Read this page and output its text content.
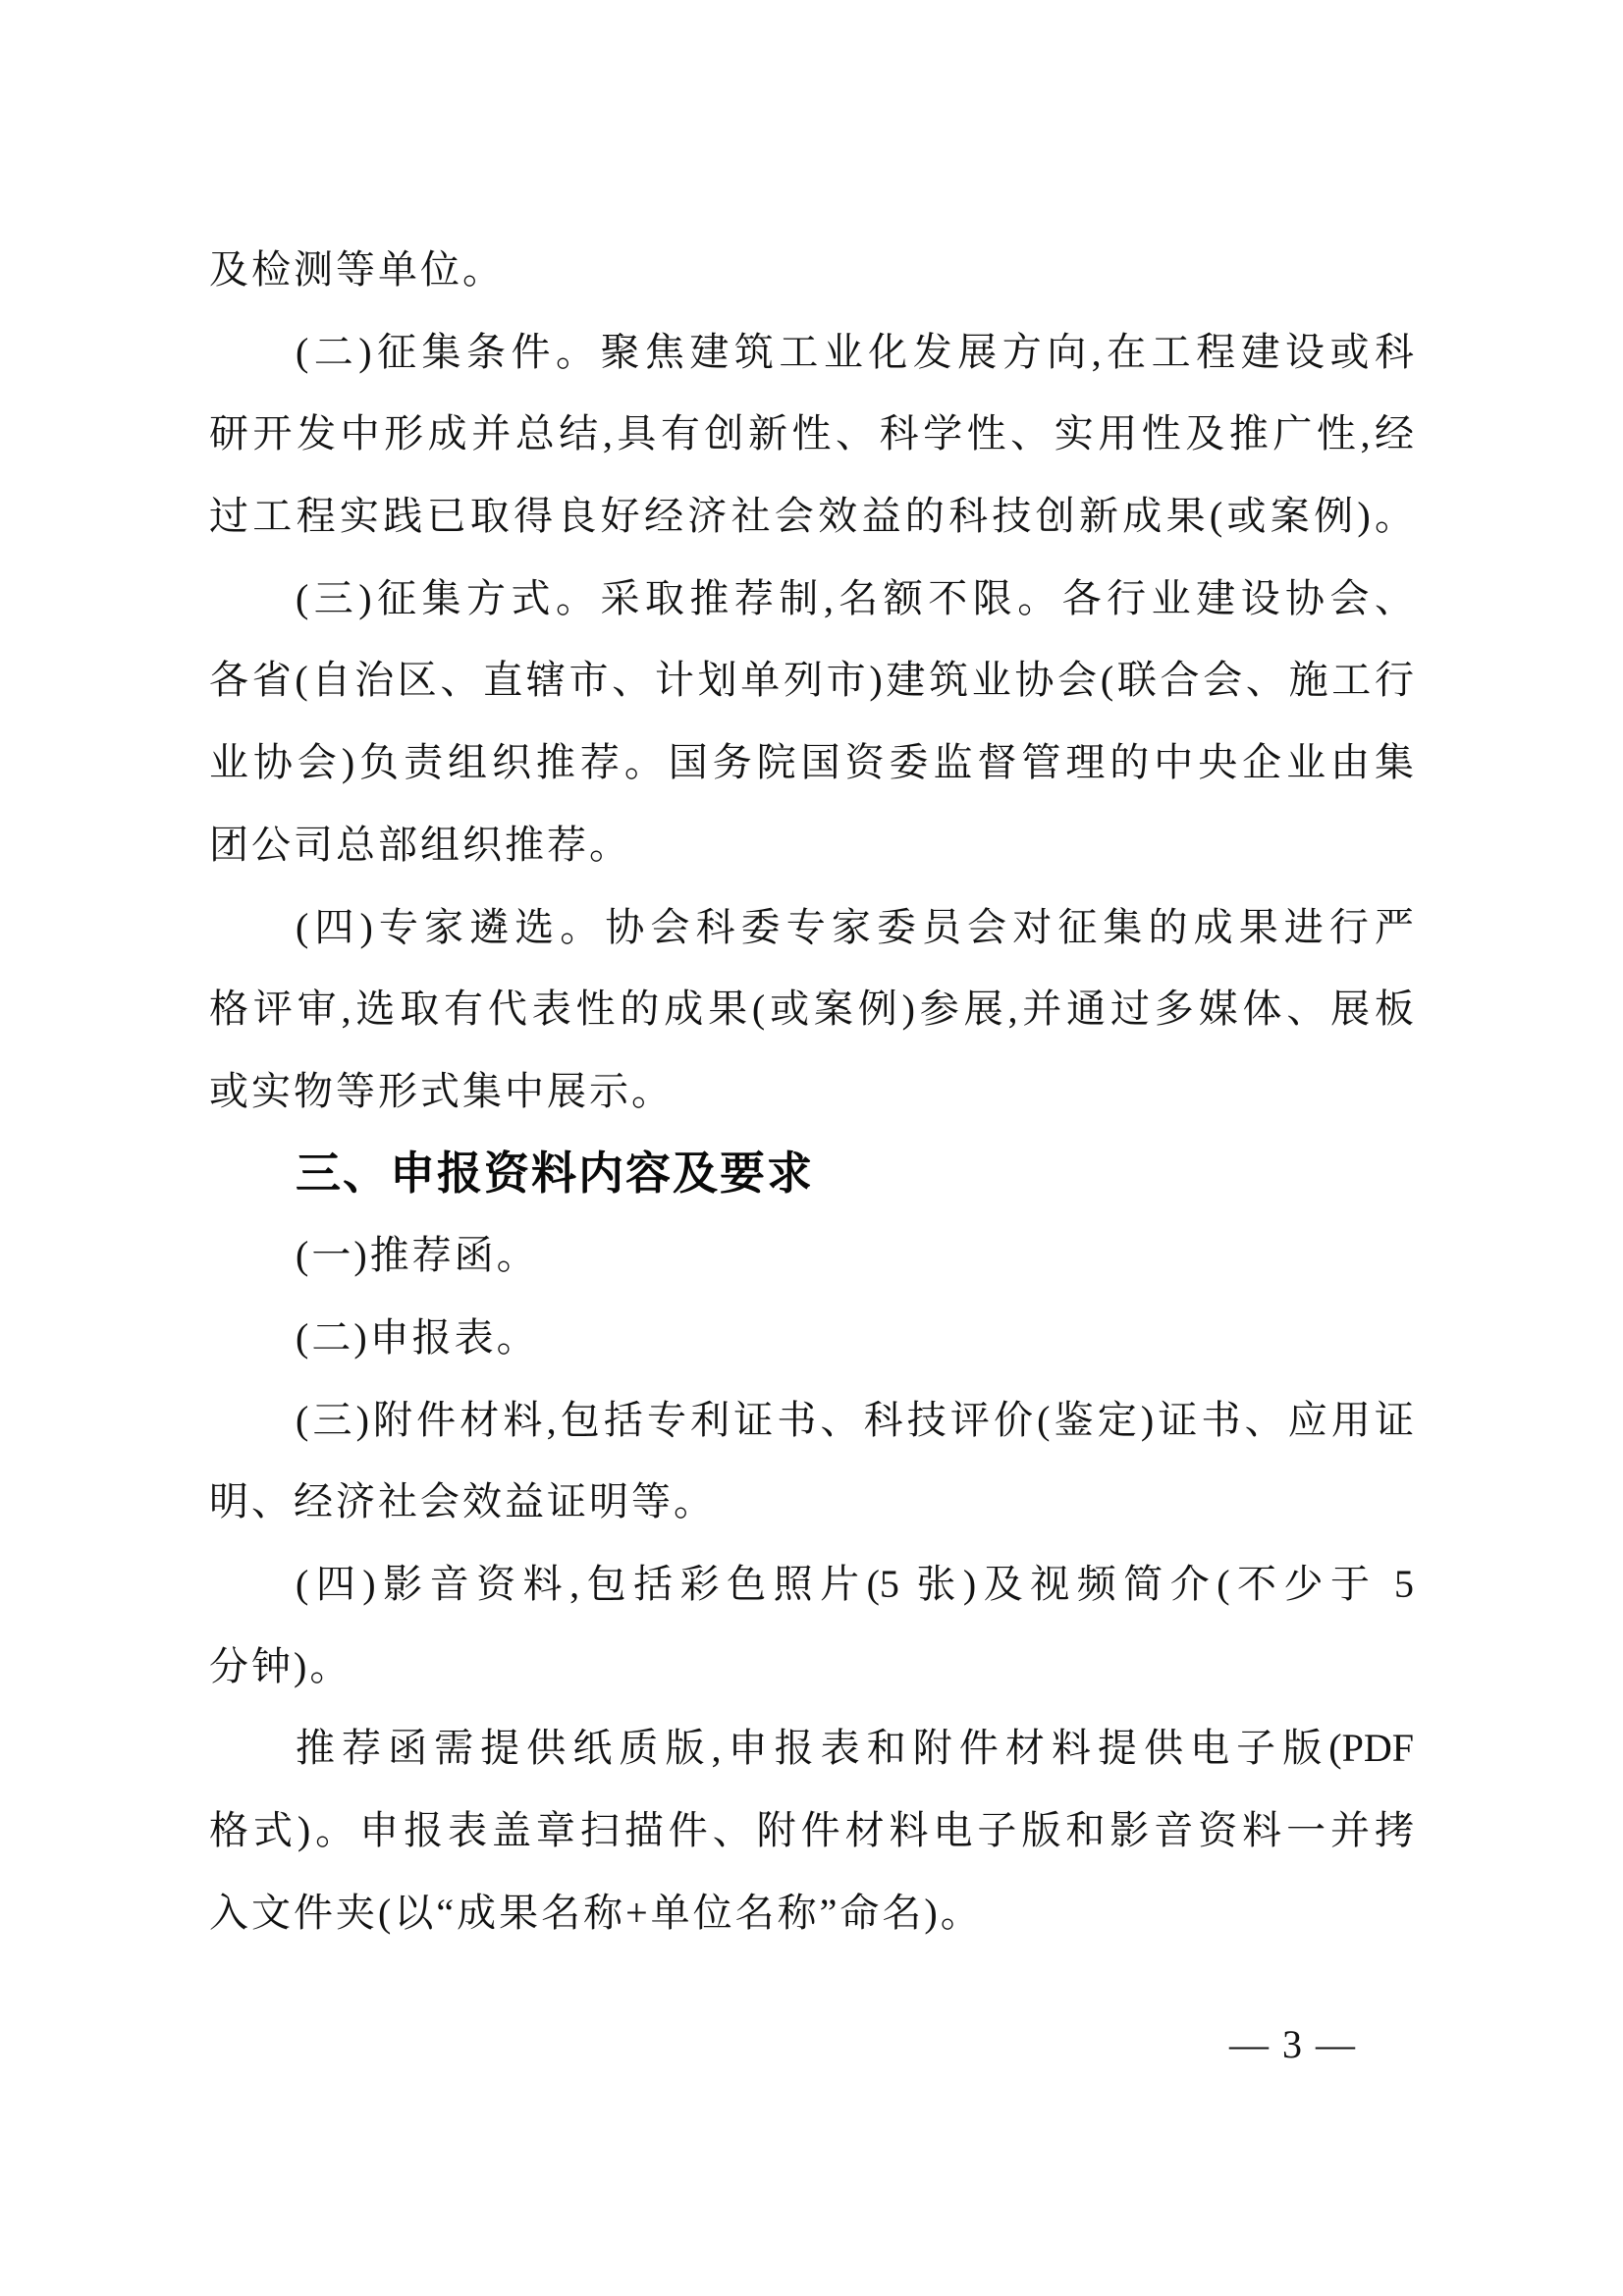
及检测等单位。
(二)征集条件。聚焦建筑工业化发展方向,在工程建设或科
研开发中形成并总结,具有创新性、科学性、实用性及推广性,经
过工程实践已取得良好经济社会效益的科技创新成果(或案例)。
(三)征集方式。采取推荐制,名额不限。各行业建设协会、
各省(自治区、直辖市、计划单列市)建筑业协会(联合会、施工行
业协会)负责组织推荐。国务院国资委监督管理的中央企业由集
团公司总部组织推荐。
(四)专家遴选。协会科委专家委员会对征集的成果进行严
格评审,选取有代表性的成果(或案例)参展,并通过多媒体、展板
或实物等形式集中展示。
三、申报资料内容及要求
(一)推荐函。
(二)申报表。
(三)附件材料,包括专利证书、科技评价(鉴定)证书、应用证
明、经济社会效益证明等。
(四)影音资料,包括彩色照片(5 张)及视频简介(不少于 5
分钟)。
推荐函需提供纸质版,申报表和附件材料提供电子版(PDF
格式)。申报表盖章扫描件、附件材料电子版和影音资料一并拷
入文件夹(以“成果名称+单位名称”命名)。
— 3 —
